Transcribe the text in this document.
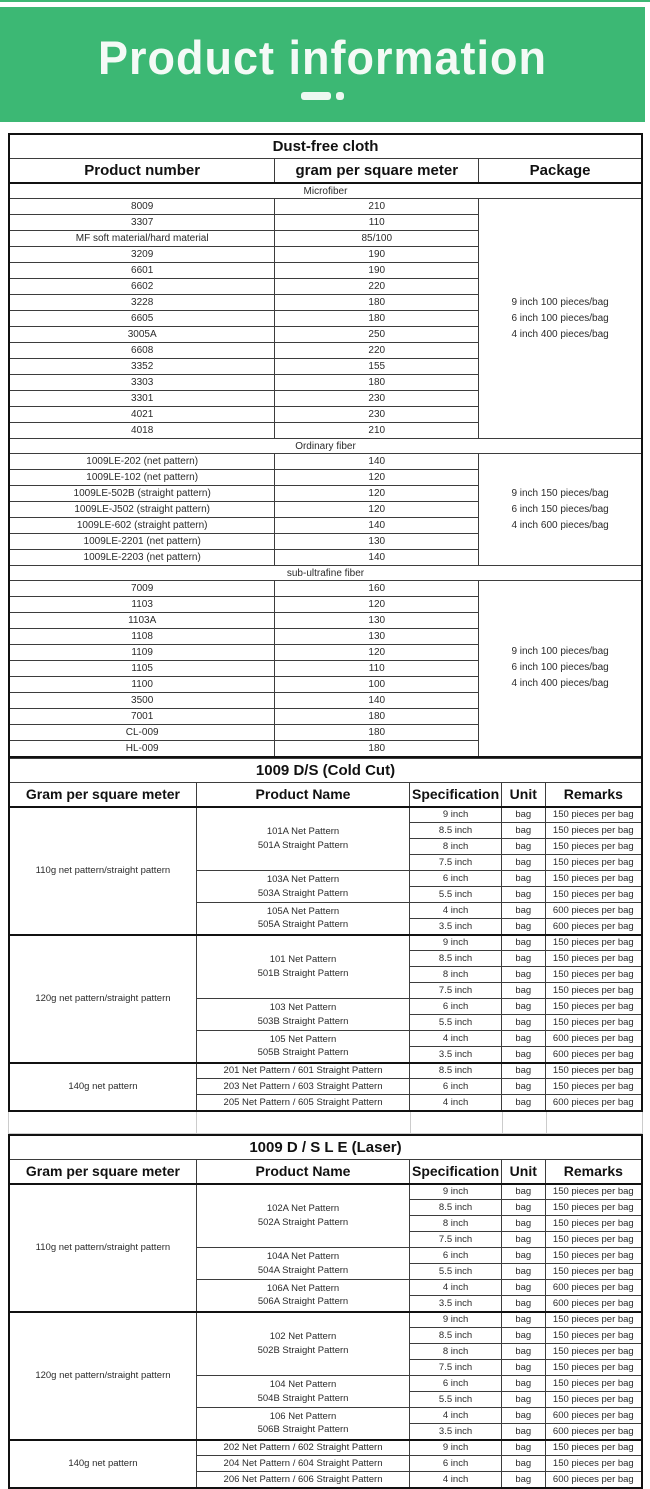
Product information
Dust-free cloth		
Product number	gram per square meter	Package
Microfiber		
8009	210	9 inch 100 pieces/bag
6 inch 100 pieces/bag
4 inch 400 pieces/bag

3307	110	
MF soft material/hard material	85/100	
3209	190	
6601	190	
6602	220	
3228	180	
6605	180	
3005A	250	
6608	220	
3352	155	
3303	180	
3301	230	
4021	230	
4018	210	
Ordinary fiber		
1009LE-202 (net pattern)	140	9 inch 150 pieces/bag
6 inch 150 pieces/bag
4 inch 600 pieces/bag

1009LE-102 (net pattern)	120	
1009LE-502B (straight pattern)	120	
1009LE-J502 (straight pattern)	120	
1009LE-602 (straight pattern)	140	
1009LE-2201 (net pattern)	130	
1009LE-2203 (net pattern)	140	
sub-ultrafine fiber		
7009	160	9 inch 100 pieces/bag
6 inch 100 pieces/bag
4 inch 400 pieces/bag

1103	120	
1103A	130	
1108	130	
1109	120	
1105	110	
1100	100	
3500	140	
7001	180	
CL-009	180	
HL-009	180	
1009 D/S (Cold Cut)				
Gram per square meter	Product Name	Specification	Unit	Remarks
110g net pattern/straight pattern	101A Net Pattern
501A Straight Pattern	9 inch	bag	150 pieces per bag
		8.5 inch	bag	150 pieces per bag
		8 inch	bag	150 pieces per bag
		7.5 inch	bag	150 pieces per bag

	103A Net Pattern
503A Straight Pattern	6 inch	bag	150 pieces per bag
		5.5 inch	bag	150 pieces per bag

	105A Net Pattern
505A Straight Pattern	4 inch	bag	600 pieces per bag
		3.5 inch	bag	600 pieces per bag
120g net pattern/straight pattern	101 Net Pattern
501B Straight Pattern	9 inch	bag	150 pieces per bag
		8.5 inch	bag	150 pieces per bag
		8 inch	bag	150 pieces per bag
		7.5 inch	bag	150 pieces per bag

	103 Net Pattern
503B Straight Pattern	6 inch	bag	150 pieces per bag
		5.5 inch	bag	150 pieces per bag

	105 Net Pattern
505B Straight Pattern	4 inch	bag	600 pieces per bag
		3.5 inch	bag	600 pieces per bag
140g net pattern	201 Net Pattern / 601 Straight Pattern	8.5 inch	bag	150 pieces per bag

	203 Net Pattern / 603 Straight Pattern	6 inch	bag	150 pieces per bag

	205 Net Pattern / 605 Straight Pattern	4 inch	bag	600 pieces per bag
1009 D / S L E (Laser)				
Gram per square meter	Product Name	Specification	Unit	Remarks
110g net pattern/straight pattern	102A Net Pattern
502A Straight Pattern	9 inch	bag	150 pieces per bag
		8.5 inch	bag	150 pieces per bag
		8 inch	bag	150 pieces per bag
		7.5 inch	bag	150 pieces per bag

	104A Net Pattern
504A Straight Pattern	6 inch	bag	150 pieces per bag
		5.5 inch	bag	150 pieces per bag

	106A Net Pattern
506A Straight Pattern	4 inch	bag	600 pieces per bag
		3.5 inch	bag	600 pieces per bag
120g net pattern/straight pattern	102 Net Pattern
502B Straight Pattern	9 inch	bag	150 pieces per bag
		8.5 inch	bag	150 pieces per bag
		8 inch	bag	150 pieces per bag
		7.5 inch	bag	150 pieces per bag

	104 Net Pattern
504B Straight Pattern	6 inch	bag	150 pieces per bag
		5.5 inch	bag	150 pieces per bag

	106 Net Pattern
506B Straight Pattern	4 inch	bag	600 pieces per bag
		3.5 inch	bag	600 pieces per bag
140g net pattern	202 Net Pattern / 602 Straight Pattern	9 inch	bag	150 pieces per bag

	204 Net Pattern / 604 Straight Pattern	6 inch	bag	150 pieces per bag

	206 Net Pattern / 606 Straight Pattern	4 inch	bag	600 pieces per bag
